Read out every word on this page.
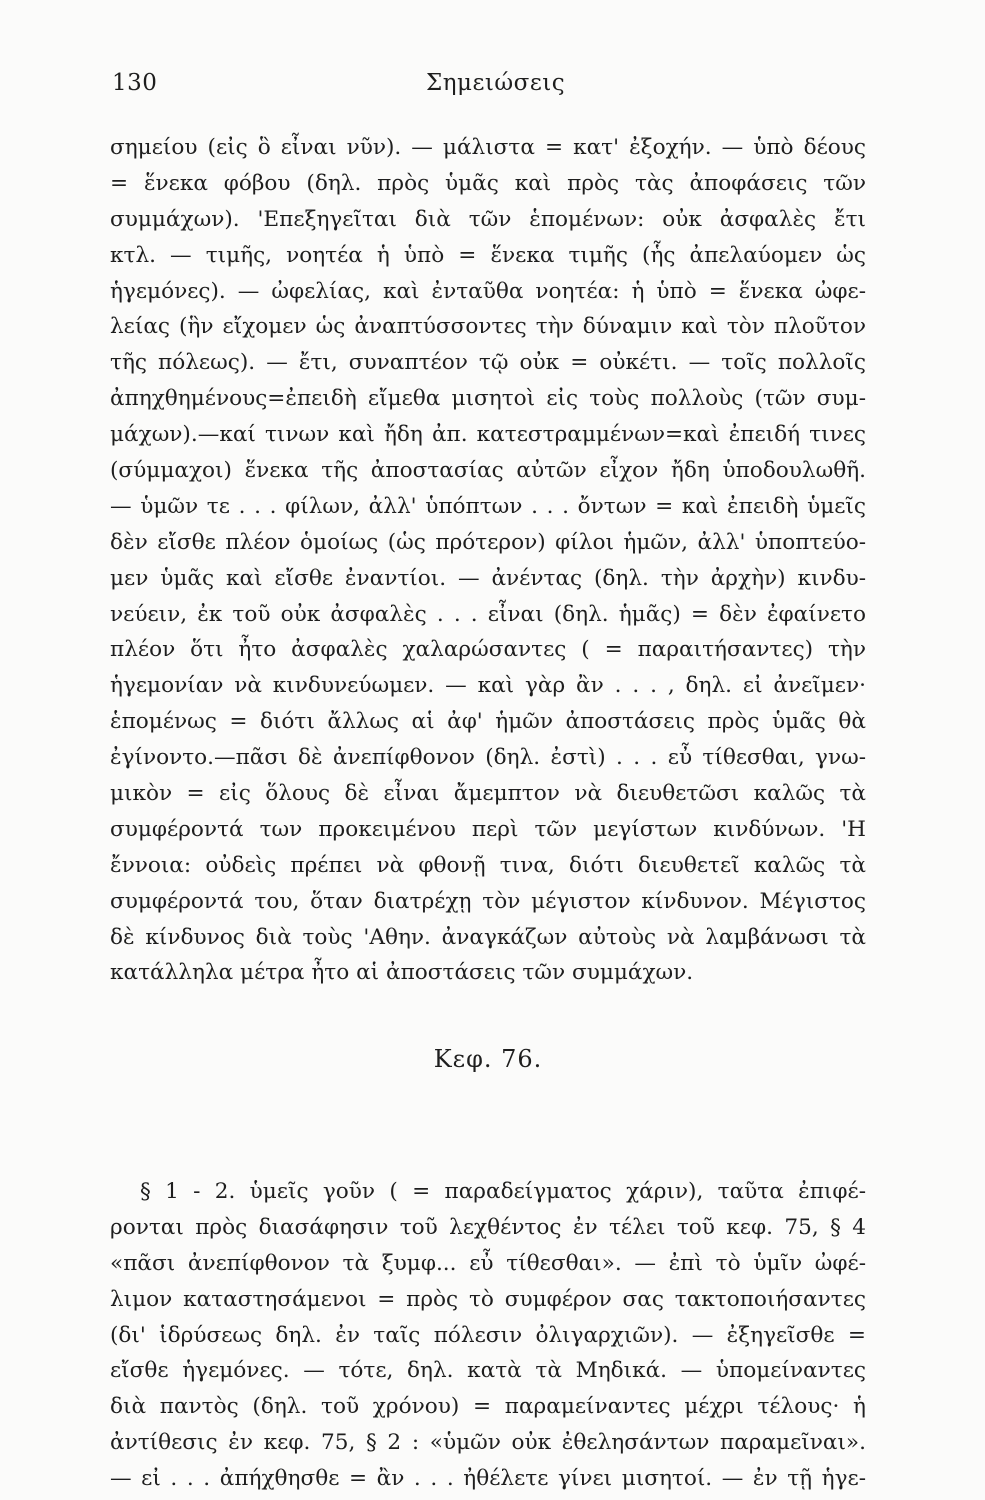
130	Σημειώσεις
σημείου (εἰς ὃ εἶναι νῦν). — μάλιστα = κατ' ἐξοχήν. — ὑπὸ δέους
= ἕνεκα φόβου (δηλ. πρὸς ὑμᾶς καὶ πρὸς τὰς ἀποφάσεις τῶν
συμμάχων). 'Επεξηγεῖται διὰ τῶν ἑπομένων: οὐκ ἀσφαλὲς ἔτι
κτλ. — τιμῆς, νοητέα ἡ ὑπὸ = ἕνεκα τιμῆς (ἧς ἀπελαύομεν ὡς
ἡγεμόνες). — ὠφελίας, καὶ ἐνταῦθα νοητέα: ἡ ὑπὸ = ἕνεκα ὠφε-
λείας (ἣν εἴχομεν ὡς ἀναπτύσσοντες τὴν δύναμιν καὶ τὸν πλοῦτον
τῆς πόλεως). — ἔτι, συναπτέον τῷ οὐκ = οὐκέτι. — τοῖς πολλοῖς
ἀπηχθημένους=ἐπειδὴ εἴμεθα μισητοὶ εἰς τοὺς πολλοὺς (τῶν συμ-
μάχων).—καί τινων καὶ ἤδη ἀπ. κατεστραμμένων=καὶ ἐπειδή τινες
(σύμμαχοι) ἕνεκα τῆς ἀποστασίας αὐτῶν εἶχον ἤδη ὑποδουλωθῆ.
— ὑμῶν τε . . . φίλων, ἀλλ' ὑπόπτων . . . ὄντων = καὶ ἐπειδὴ ὑμεῖς
δὲν εἴσθε πλέον ὁμοίως (ὡς πρότερον) φίλοι ἡμῶν, ἀλλ' ὑποπτεύο-
μεν ὑμᾶς καὶ εἴσθε ἐναντίοι. — ἀνέντας (δηλ. τὴν ἀρχὴν) κινδυ-
νεύειν, ἐκ τοῦ οὐκ ἀσφαλὲς . . . εἶναι (δηλ. ἡμᾶς) = δὲν ἐφαίνετο
πλέον ὅτι ἦτο ἀσφαλὲς χαλαρώσαντες ( = παραιτήσαντες) τὴν
ἡγεμονίαν νὰ κινδυνεύωμεν. — καὶ γὰρ ἂν . . . , δηλ. εἰ ἀνεῖμεν·
ἑπομένως = διότι ἄλλως αἱ ἀφ' ἡμῶν ἀποστάσεις πρὸς ὑμᾶς θὰ
ἐγίνοντο.—πᾶσι δὲ ἀνεπίφθονον (δηλ. ἐστὶ) . . . εὖ τίθεσθαι, γνω-
μικὸν = εἰς ὅλους δὲ εἶναι ἄμεμπτον νὰ διευθετῶσι καλῶς τὰ
συμφέροντά των προκειμένου περὶ τῶν μεγίστων κινδύνων. 'Η
ἔννοια: οὐδεὶς πρέπει νὰ φθονῇ τινα, διότι διευθετεῖ καλῶς τὰ
συμφέροντά του, ὅταν διατρέχῃ τὸν μέγιστον κίνδυνον. Μέγιστος
δὲ κίνδυνος διὰ τοὺς 'Αθην. ἀναγκάζων αὐτοὺς νὰ λαμβάνωσι τὰ
κατάλληλα μέτρα ἦτο αἱ ἀποστάσεις τῶν συμμάχων.
Κεφ. 76.
§ 1 - 2. ὑμεῖς γοῦν ( = παραδείγματος χάριν), ταῦτα ἐπιφέ-
ρονται πρὸς διασάφησιν τοῦ λεχθέντος ἐν τέλει τοῦ κεφ. 75, § 4
«πᾶσι ἀνεπίφθονον τὰ ξυμφ... εὖ τίθεσθαι». — ἐπὶ τὸ ὑμῖν ὠφέ-
λιμον καταστησάμενοι = πρὸς τὸ συμφέρον σας τακτοποιήσαντες
(δι' ἱδρύσεως δηλ. ἐν ταῖς πόλεσιν ὀλιγαρχιῶν). — ἐξηγεῖσθε =
εἴσθε ἡγεμόνες. — τότε, δηλ. κατὰ τὰ Μηδικά. — ὑπομείναντες
διὰ παντὸς (δηλ. τοῦ χρόνου) = παραμείναντες μέχρι τέλους· ἡ
ἀντίθεσις ἐν κεφ. 75, § 2 : «ὑμῶν οὐκ ἐθελησάντων παραμεῖναι».
— εἰ . . . ἀπήχθησθε = ἂν . . . ἠθέλετε γίνει μισητοί. — ἐν τῇ ἡγε-
